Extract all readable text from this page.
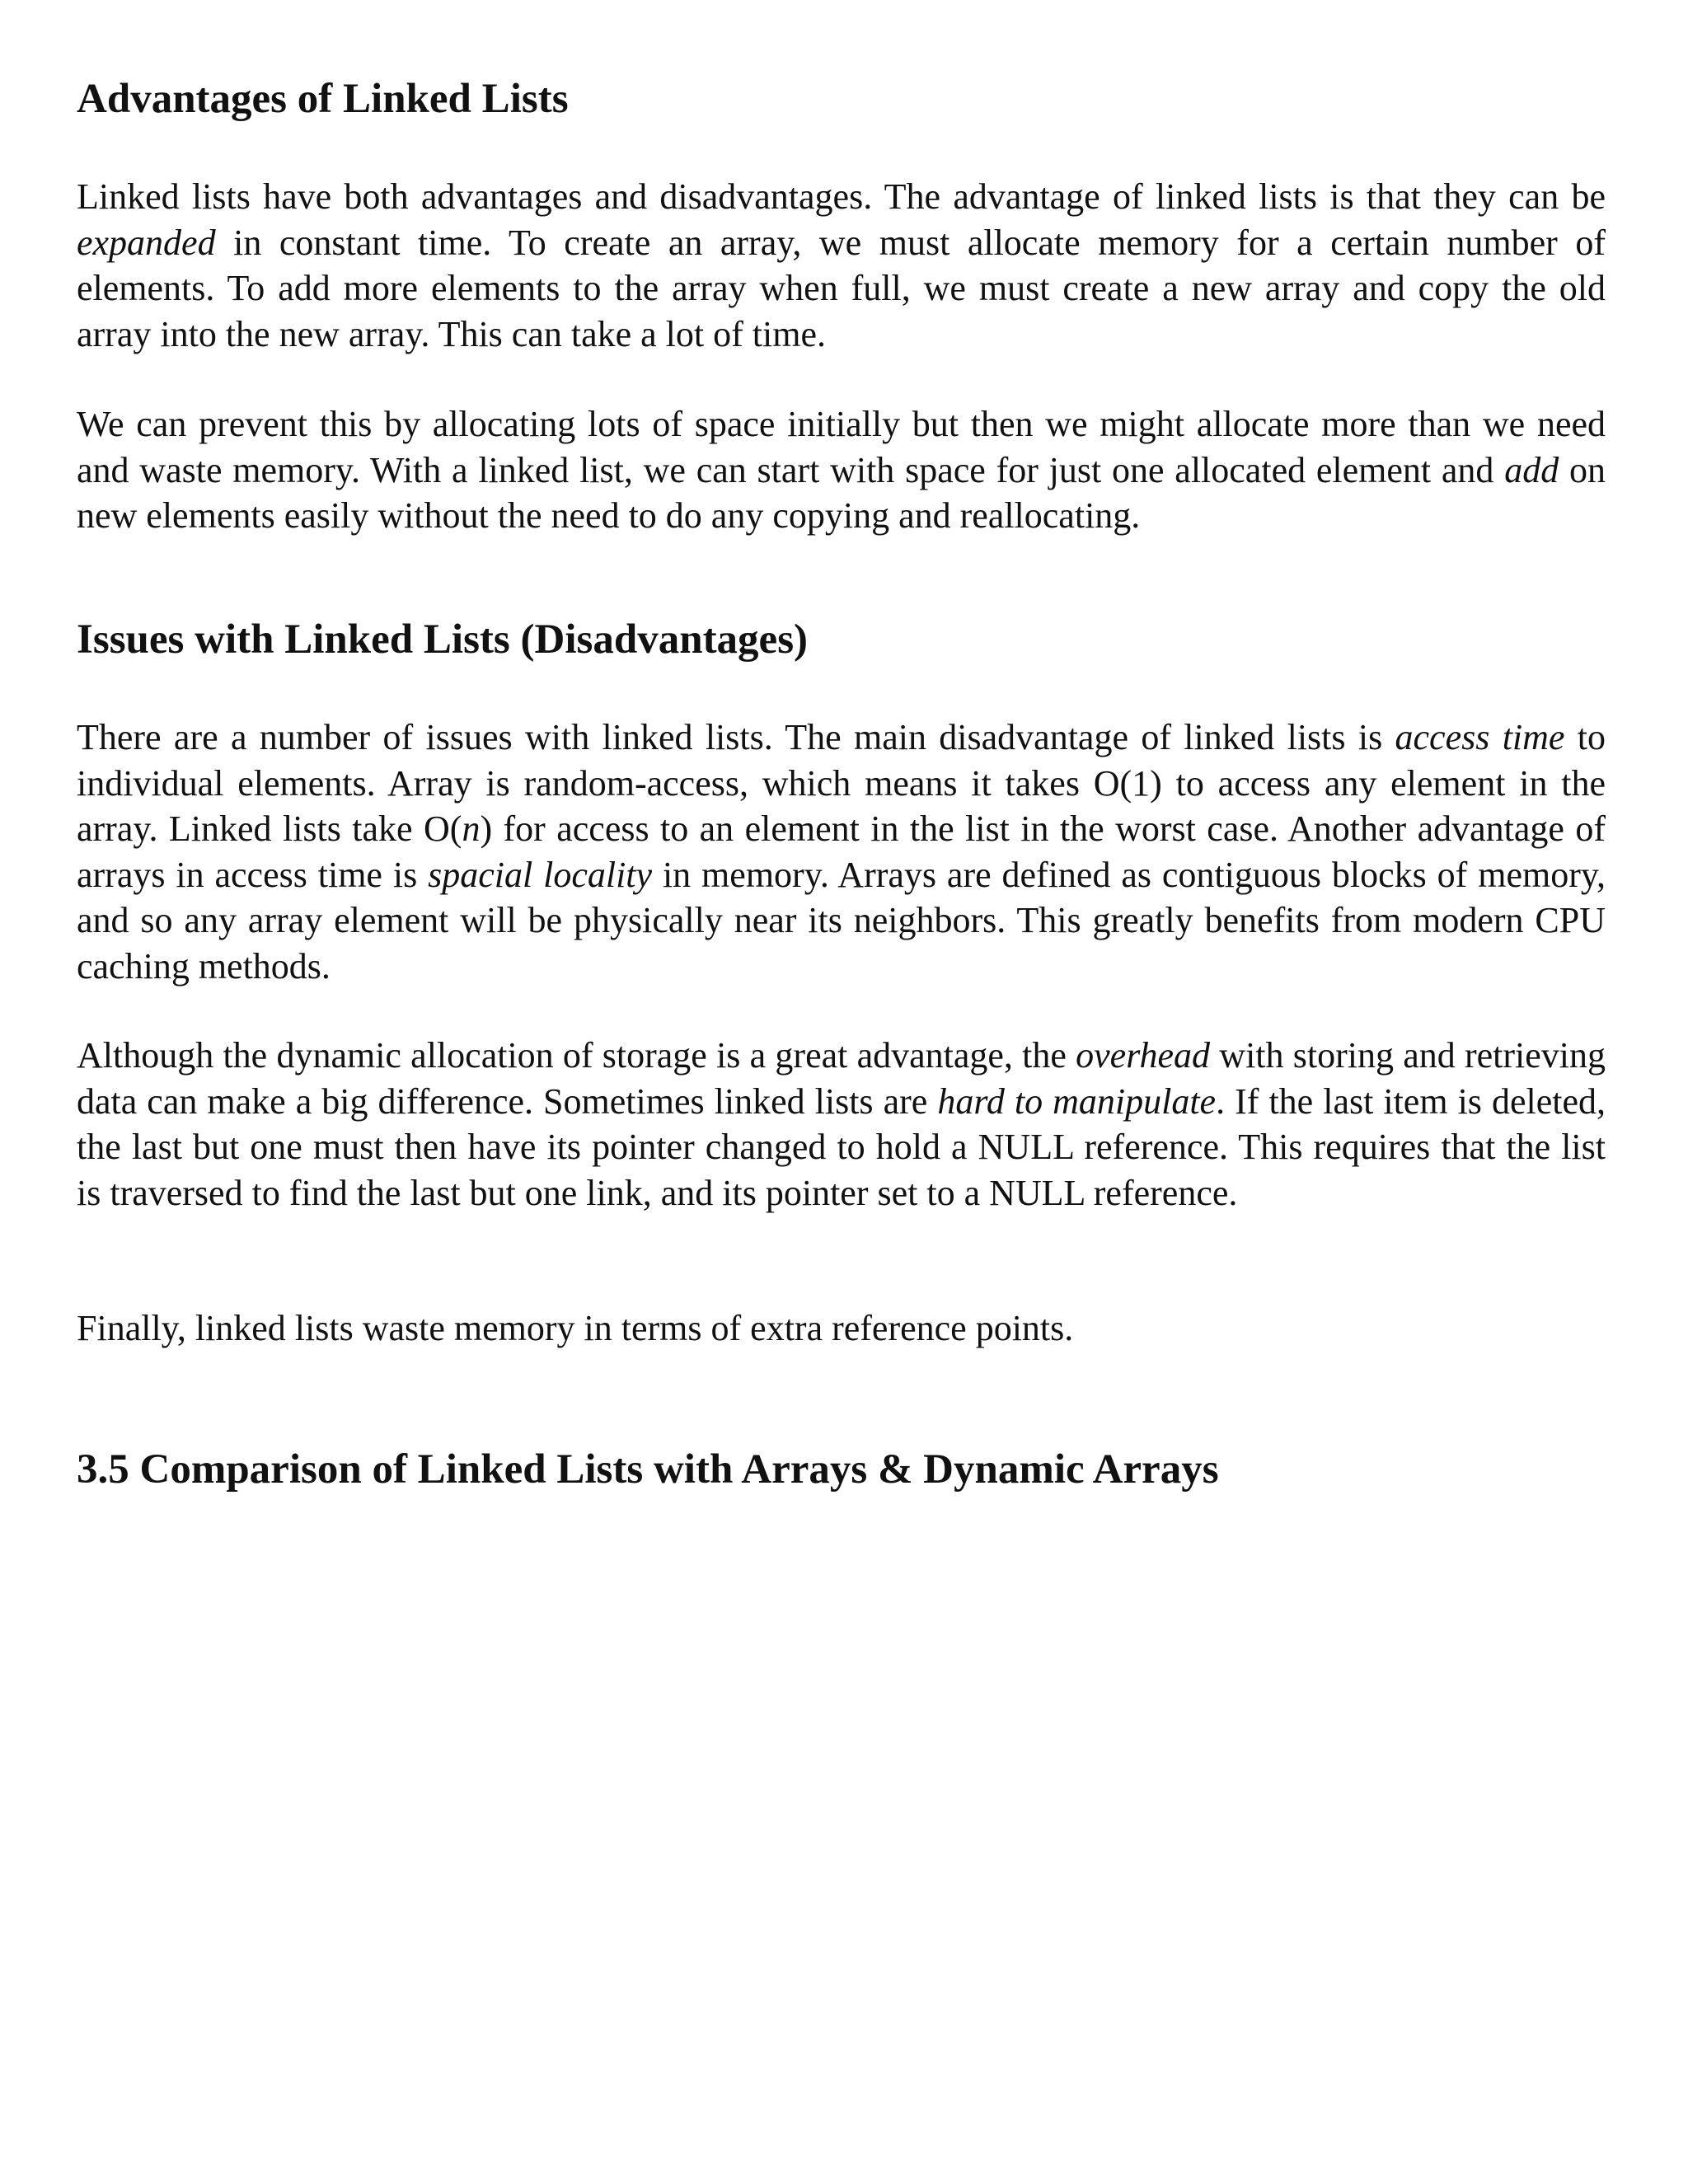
Advantages of Linked Lists

Linked lists have both advantages and disadvantages. The advantage of linked lists is that they can be expanded in constant time. To create an array, we must allocate memory for a certain number of elements. To add more elements to the array when full, we must create a new array and copy the old array into the new array. This can take a lot of time.

We can prevent this by allocating lots of space initially but then we might allocate more than we need and waste memory. With a linked list, we can start with space for just one allocated element and add on new elements easily without the need to do any copying and reallocating.

Issues with Linked Lists (Disadvantages)

There are a number of issues with linked lists. The main disadvantage of linked lists is access time to individual elements. Array is random-access, which means it takes O(1) to access any element in the array. Linked lists take O(n) for access to an element in the list in the worst case. Another advantage of arrays in access time is spacial locality in memory. Arrays are defined as contiguous blocks of memory, and so any array element will be physically near its neighbors. This greatly benefits from modern CPU caching methods.

Although the dynamic allocation of storage is a great advantage, the overhead with storing and retrieving data can make a big difference. Sometimes linked lists are hard to manipulate. If the last item is deleted, the last but one must then have its pointer changed to hold a NULL reference. This requires that the list is traversed to find the last but one link, and its pointer set to a NULL reference.

Finally, linked lists waste memory in terms of extra reference points.

3.5 Comparison of Linked Lists with Arrays & Dynamic Arrays
